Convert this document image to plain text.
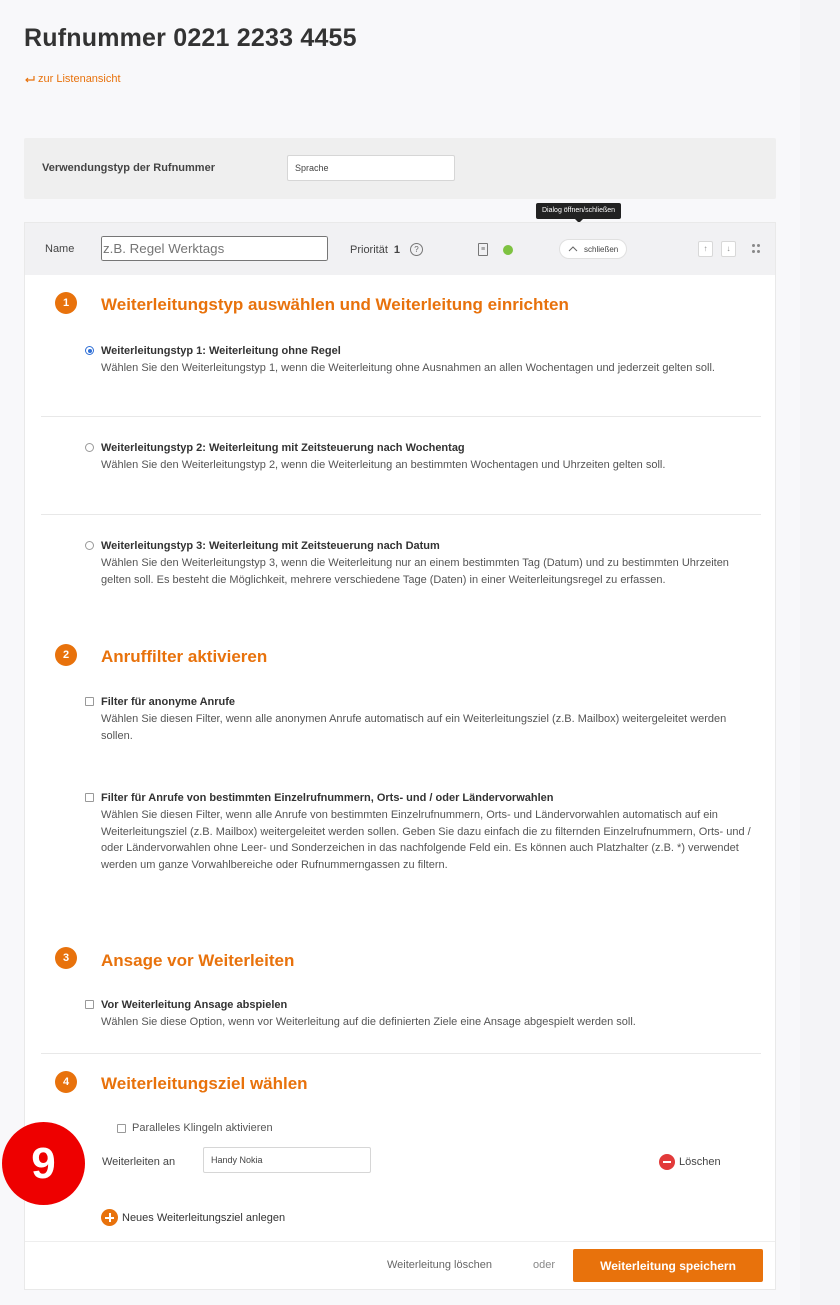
Rufnummer 0221 2233 4455
zur Listenansicht
Verwendungstyp der Rufnummer
Sprache
Dialog öffnen/schließen
Name
z.B. Regel Werktags	Priorität 1	?	≡	schließen	↑	↓
1	Weiterleitungstyp auswählen und Weiterleitung einrichten
Weiterleitungstyp 1: Weiterleitung ohne Regel
Wählen Sie den Weiterleitungstyp 1, wenn die Weiterleitung ohne Ausnahmen an allen Wochentagen und jederzeit gelten soll.
Weiterleitungstyp 2: Weiterleitung mit Zeitsteuerung nach Wochentag
Wählen Sie den Weiterleitungstyp 2, wenn die Weiterleitung an bestimmten Wochentagen und Uhrzeiten gelten soll.
Weiterleitungstyp 3: Weiterleitung mit Zeitsteuerung nach Datum
Wählen Sie den Weiterleitungstyp 3, wenn die Weiterleitung nur an einem bestimmten Tag (Datum) und zu bestimmten Uhrzeiten gelten soll. Es besteht die Möglichkeit, mehrere verschiedene Tage (Daten) in einer Weiterleitungsregel zu erfassen.
2	Anruffilter aktivieren
Filter für anonyme Anrufe
Wählen Sie diesen Filter, wenn alle anonymen Anrufe automatisch auf ein Weiterleitungsziel (z.B. Mailbox) weitergeleitet werden sollen.
Filter für Anrufe von bestimmten Einzelrufnummern, Orts- und / oder Ländervorwahlen
Wählen Sie diesen Filter, wenn alle Anrufe von bestimmten Einzelrufnummern, Orts- und Ländervorwahlen automatisch auf ein Weiterleitungsziel (z.B. Mailbox) weitergeleitet werden sollen. Geben Sie dazu einfach die zu filternden Einzelrufnummern, Orts- und / oder Ländervorwahlen ohne Leer- und Sonderzeichen in das nachfolgende Feld ein. Es können auch Platzhalter (z.B. *) verwendet werden um ganze Vorwahlbereiche oder Rufnummerngassen zu filtern.
3	Ansage vor Weiterleiten
Vor Weiterleitung Ansage abspielen
Wählen Sie diese Option, wenn vor Weiterleitung auf die definierten Ziele eine Ansage abgespielt werden soll.
4	Weiterleitungsziel wählen
Paralleles Klingeln aktivieren
Weiterleiten an
Handy Nokia	Löschen
Neues Weiterleitungsziel anlegen
Weiterleitung löschen	oder	Weiterleitung speichern
9
